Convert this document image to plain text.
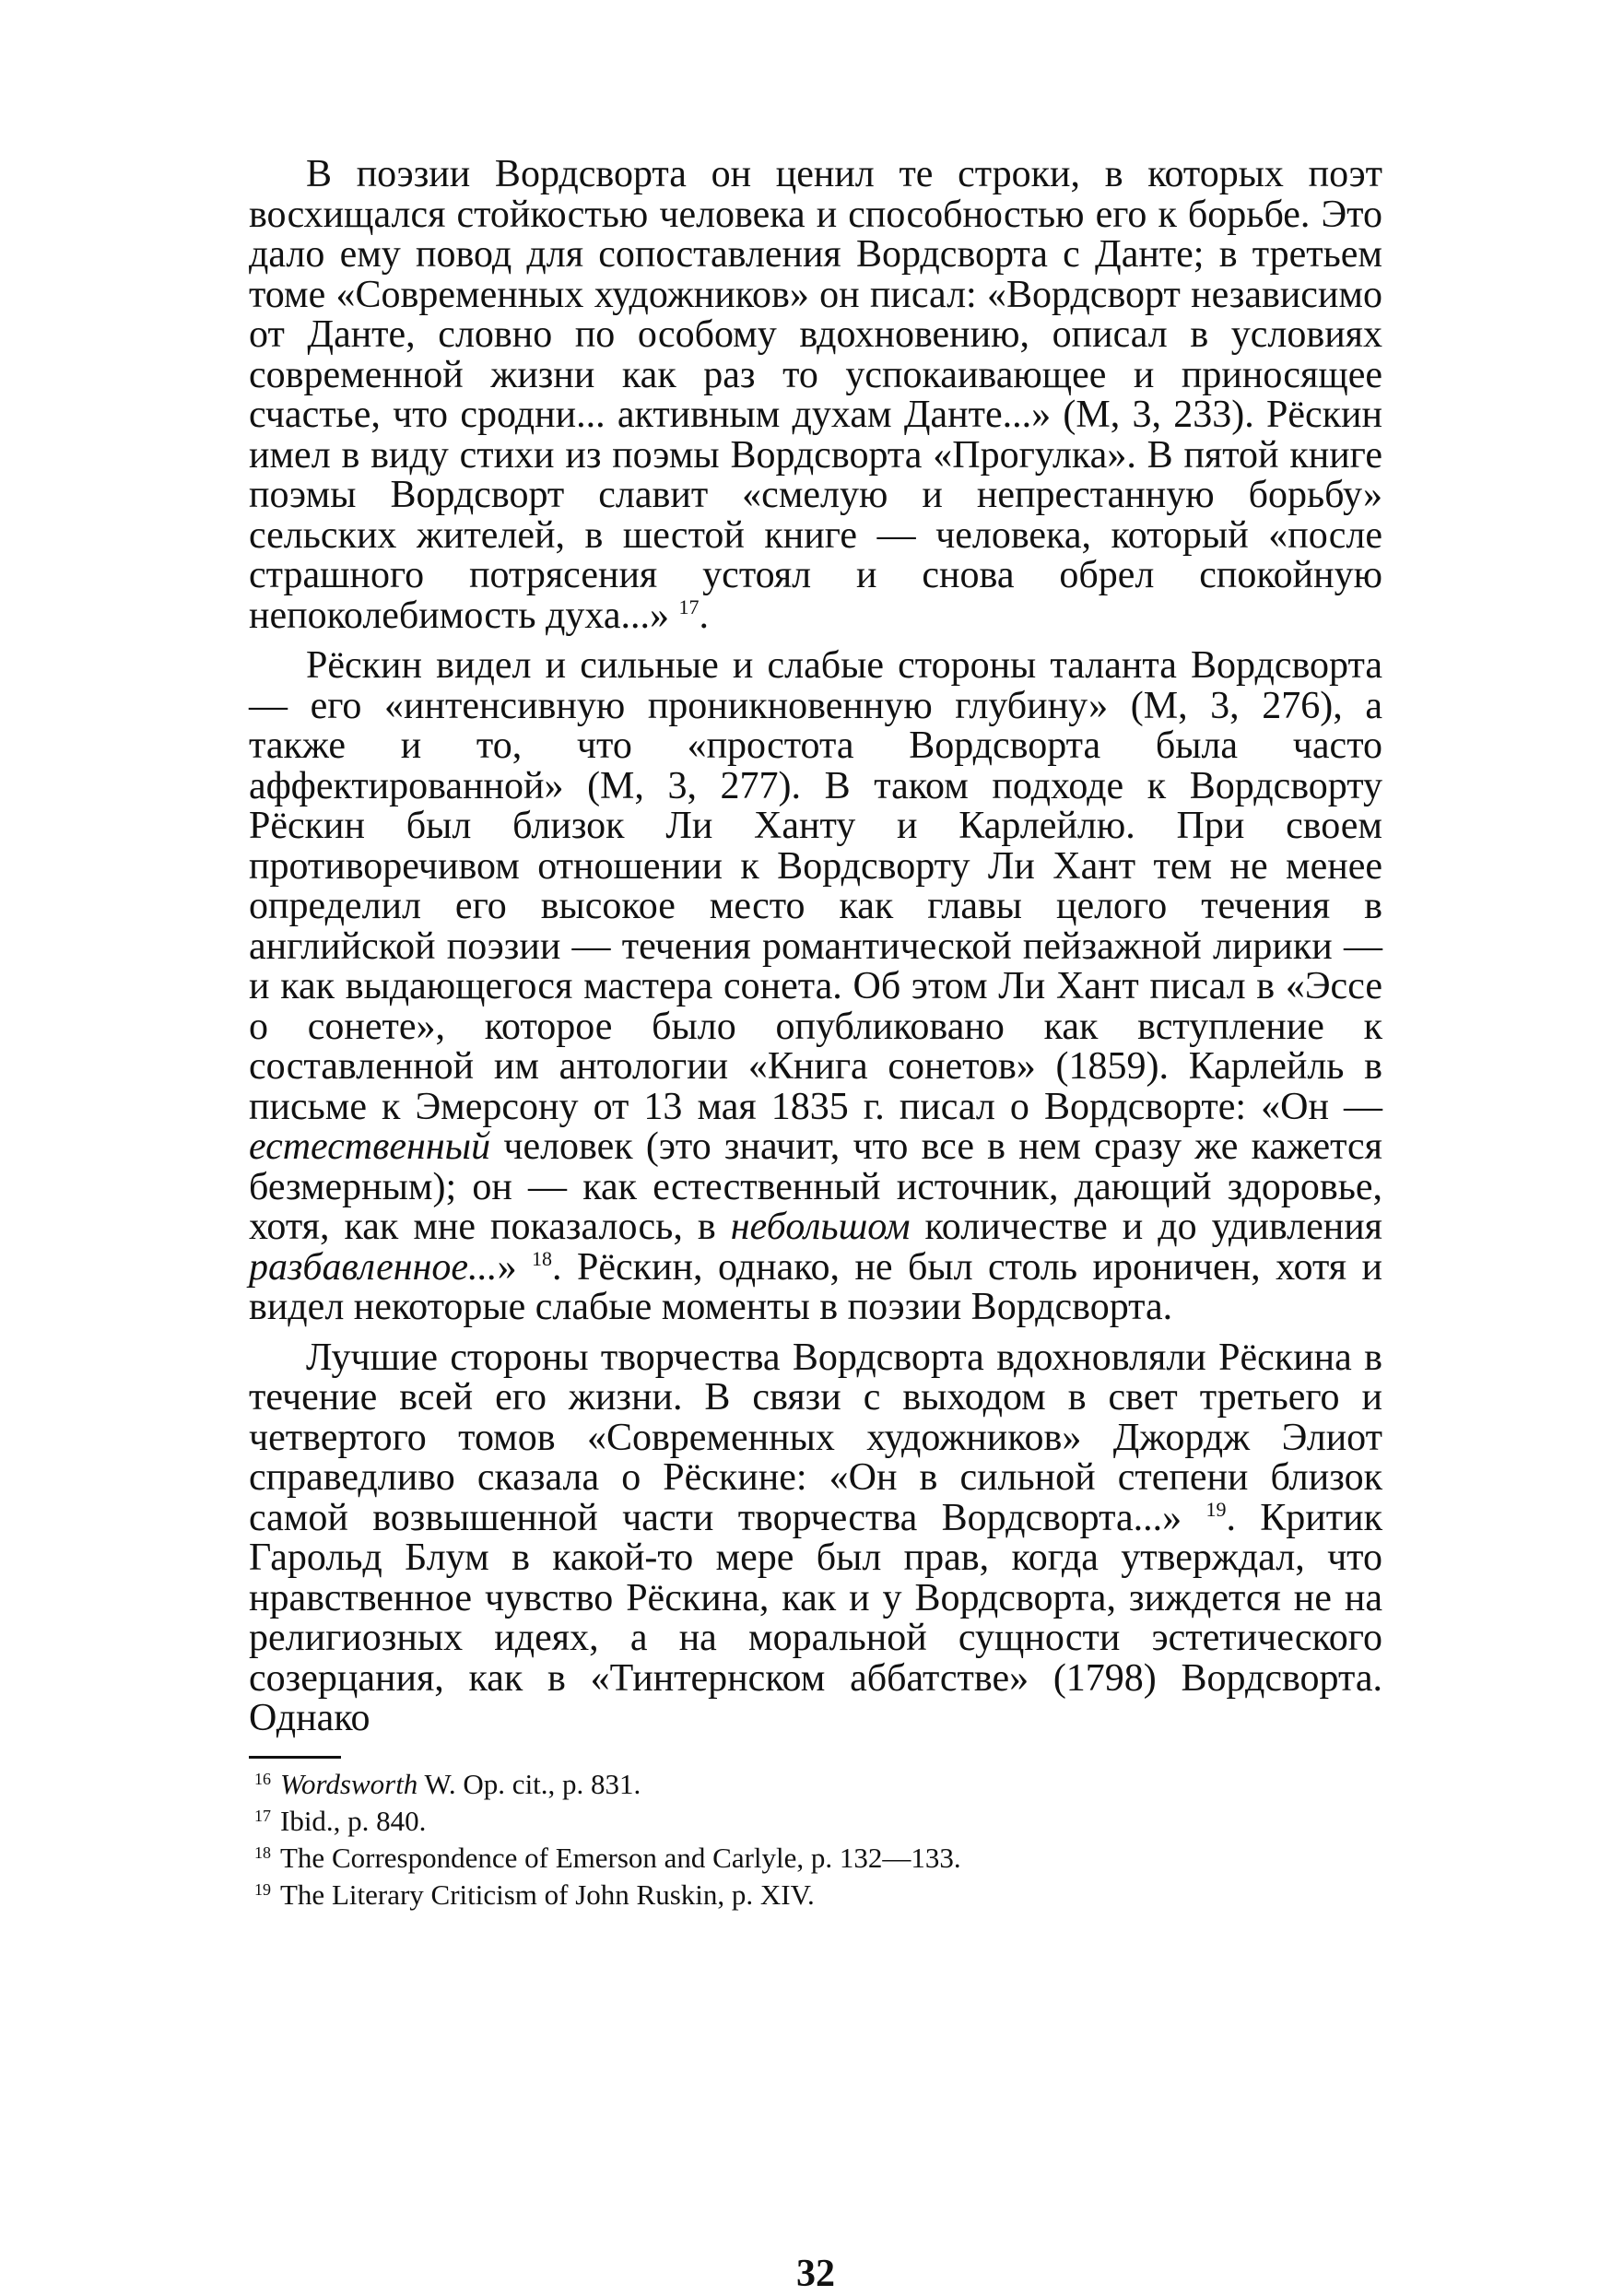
В поэзии Вордсворта он ценил те строки, в которых поэт восхищался стойкостью человека и способностью его к борьбе. Это дало ему повод для сопоставления Вордсворта с Данте; в третьем томе «Современных художников» он писал: «Вордсворт независимо от Данте, словно по особому вдохновению, описал в условиях современной жизни как раз то успокаивающее и приносящее счастье, что сродни... активным духам Данте...» (М, 3, 233). Рёскин имел в виду стихи из поэмы Вордсворта «Прогулка». В пятой книге поэмы Вордсворт славит «смелую и непрестанную борьбу» сельских жителей, в шестой книге — человека, который «после страшного потрясения устоял и снова обрел спокойную непоколебимость духа...» $^{17}$.

Рёскин видел и сильные и слабые стороны таланта Вордсворта — его «интенсивную проникновенную глубину» (М, 3, 276), а также и то, что «простота Вордсворта была часто аффектированной» (М, 3, 277). В таком подходе к Вордсворту Рёскин был близок Ли Ханту и Карлейлю. При своем противоречивом отношении к Вордсворту Ли Хант тем не менее определил его высокое место как главы целого течения в английской поэзии — течения романтической пейзажной лирики — и как выдающегося мастера сонета. Об этом Ли Хант писал в «Эссе о сонете», которое было опубликовано как вступление к составленной им антологии «Книга сонетов» (1859). Карлейль в письме к Эмерсону от 13 мая 1835 г. писал о Вордсворте: «Он — естественный человек (это значит, что все в нем сразу же кажется безмерным); он — как естественный источник, дающий здоровье, хотя, как мне показалось, в небольшом количестве и до удивления разбавленное...» $^{18}$. Рёскин, однако, не был столь ироничен, хотя и видел некоторые слабые моменты в поэзии Вордсворта.

Лучшие стороны творчества Вордсворта вдохновляли Рёскина в течение всей его жизни. В связи с выходом в свет третьего и четвертого томов «Современных художников» Джордж Элиот справедливо сказала о Рёскине: «Он в сильной степени близок самой возвышенной части творчества Вордсворта...» $^{19}$. Критик Гарольд Блум в какой-то мере был прав, когда утверждал, что нравственное чувство Рёскина, как и у Вордсворта, зиждется не на религиозных идеях, а на моральной сущности эстетического созерцания, как в «Тинтернском аббатстве» (1798) Вордсворта. Однако

16 Wordsworth W. Op. cit., p. 831.
17 Ibid., p. 840.
18 The Correspondence of Emerson and Carlyle, p. 132—133.
19 The Literary Criticism of John Ruskin, p. XIV.
32
